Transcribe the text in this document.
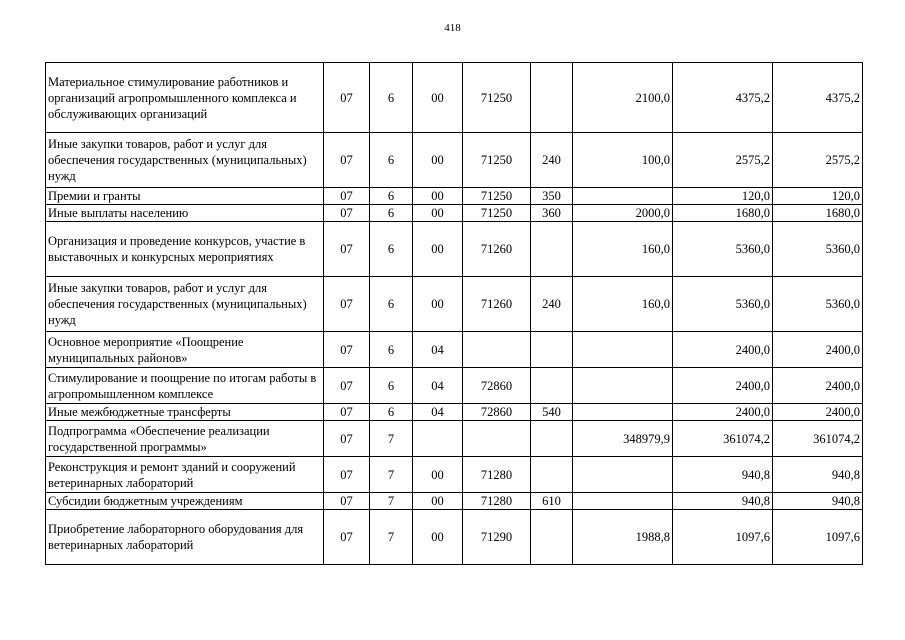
418
Материальное стимулирование работников и организаций агропромышленного комплекса и обслуживающих организаций	07	6	00	71250		2100,0	4375,2	4375,2
Иные закупки товаров, работ и услуг для обеспечения государственных (муниципальных) нужд	07	6	00	71250	240	100,0	2575,2	2575,2
Премии и гранты	07	6	00	71250	350		120,0	120,0
Иные выплаты населению	07	6	00	71250	360	2000,0	1680,0	1680,0
Организация и проведение конкурсов, участие в выставочных и конкурсных мероприятиях	07	6	00	71260		160,0	5360,0	5360,0
Иные закупки товаров, работ и услуг для обеспечения государственных (муниципальных) нужд	07	6	00	71260	240	160,0	5360,0	5360,0
Основное мероприятие «Поощрение муниципальных районов»	07	6	04				2400,0	2400,0
Стимулирование и поощрение по итогам работы в агропромышленном комплексе	07	6	04	72860			2400,0	2400,0
Иные межбюджетные трансферты	07	6	04	72860	540		2400,0	2400,0
Подпрограмма «Обеспечение реализации государственной программы»	07	7				348979,9	361074,2	361074,2
Реконструкция и ремонт зданий и сооружений ветеринарных лабораторий	07	7	00	71280			940,8	940,8
Субсидии бюджетным учреждениям	07	7	00	71280	610		940,8	940,8
Приобретение лабораторного оборудования для ветеринарных лабораторий	07	7	00	71290		1988,8	1097,6	1097,6
